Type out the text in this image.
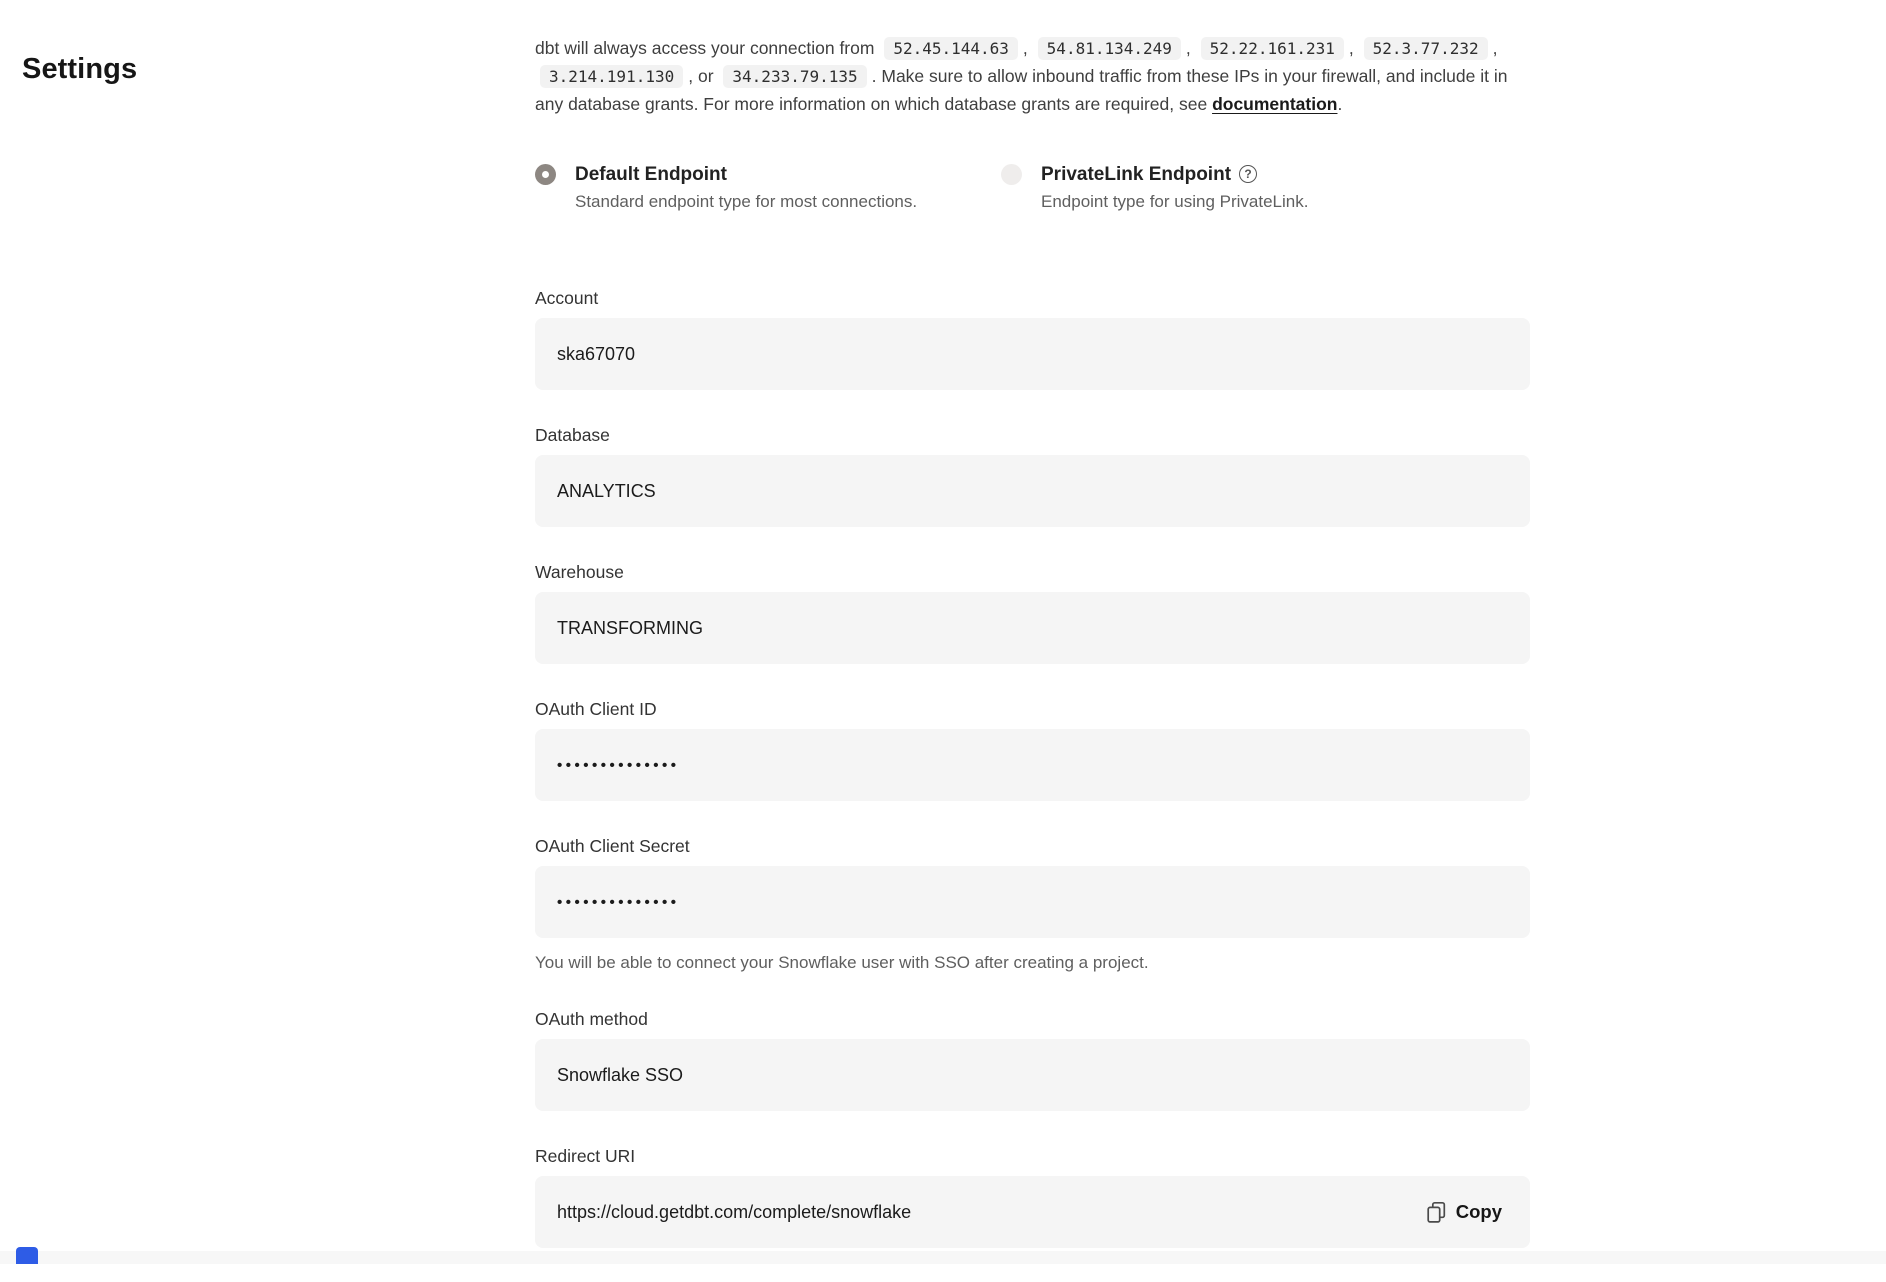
Settings

dbt will always access your connection from 52.45.144.63 , 54.81.134.249 , 52.22.161.231 , 52.3.77.232 , 3.214.191.130 , or 34.233.79.135 . Make sure to allow inbound traffic from these IPs in your firewall, and include it in any database grants. For more information on which database grants are required, see documentation.

Default Endpoint
Standard endpoint type for most connections.
PrivateLink Endpoint ?
Endpoint type for using PrivateLink.
Account
ska67070
Database
ANALYTICS
Warehouse
TRANSFORMING
OAuth Client ID
••••••••••••••
OAuth Client Secret
••••••••••••••
You will be able to connect your Snowflake user with SSO after creating a project.
OAuth method
Snowflake SSO
Redirect URI
https://cloud.getdbt.com/complete/snowflake	Copy
